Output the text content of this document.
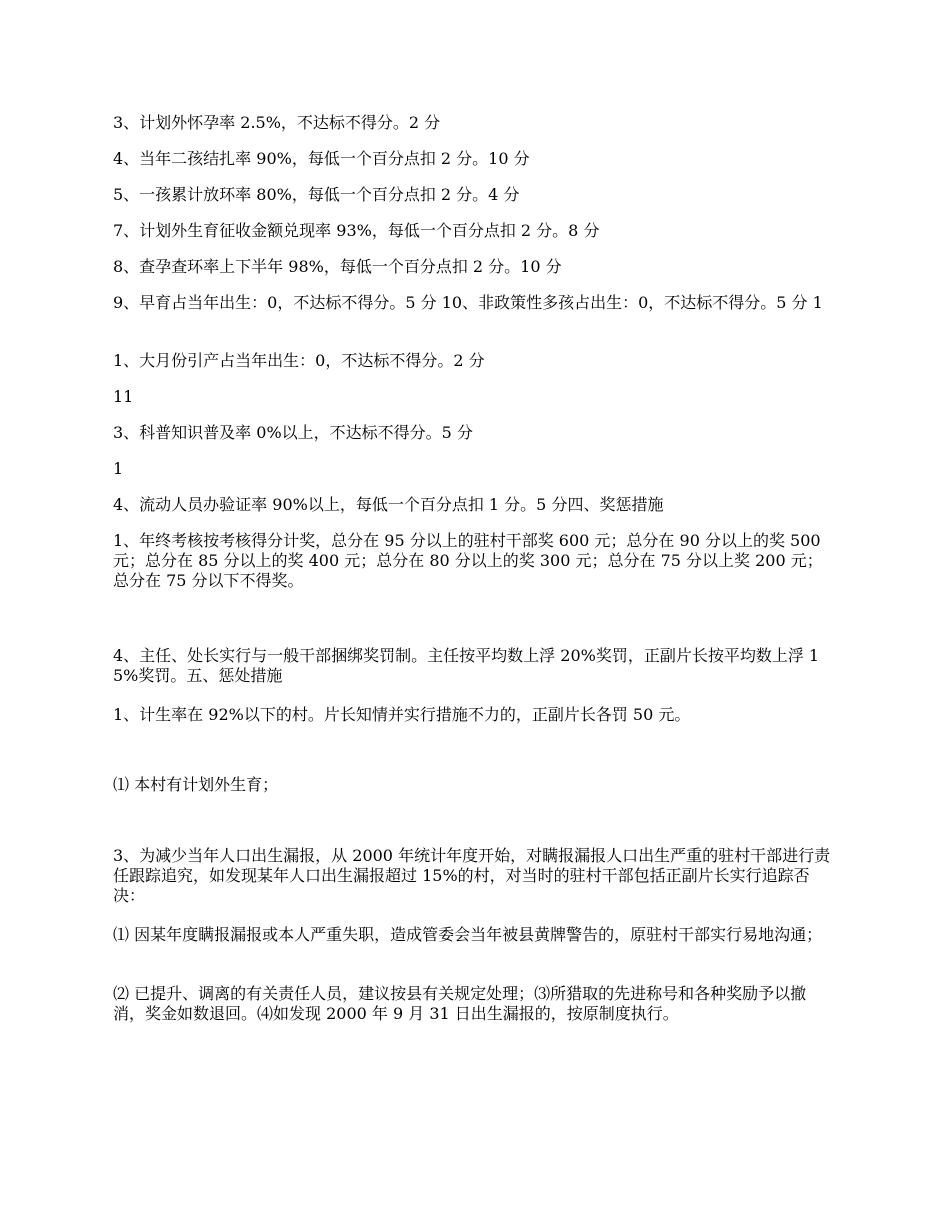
3、计划外怀孕率 2.5%，不达标不得分。2 分
4、当年二孩结扎率 90%，每低一个百分点扣 2 分。10 分
5、一孩累计放环率 80%，每低一个百分点扣 2 分。4 分
7、计划外生育征收金额兑现率 93%，每低一个百分点扣 2 分。8 分
8、查孕查环率上下半年 98%，每低一个百分点扣 2 分。10 分
9、早育占当年出生：0，不达标不得分。5 分 10、非政策性多孩占出生：0，不达标不得分。5 分 1
1、大月份引产占当年出生：0，不达标不得分。2 分
11
3、科普知识普及率 0%以上，不达标不得分。5 分
1
4、流动人员办验证率 90%以上，每低一个百分点扣 1 分。5 分四、奖惩措施
1、年终考核按考核得分计奖，总分在 95 分以上的驻村干部奖 600 元；总分在 90 分以上的奖 500 元；总分在 85 分以上的奖 400 元；总分在 80 分以上的奖 300 元；总分在 75 分以上奖 200 元；总分在 75 分以下不得奖。
4、主任、处长实行与一般干部捆绑奖罚制。主任按平均数上浮 20%奖罚，正副片长按平均数上浮 15%奖罚。五、惩处措施
1、计生率在 92%以下的村。片长知情并实行措施不力的，正副片长各罚 50 元。
⑴ 本村有计划外生育；
3、为减少当年人口出生漏报，从 2000 年统计年度开始，对瞒报漏报人口出生严重的驻村干部进行责任跟踪追究，如发现某年人口出生漏报超过 15%的村，对当时的驻村干部包括正副片长实行追踪否决：
⑴ 因某年度瞒报漏报或本人严重失职，造成管委会当年被县黄牌警告的，原驻村干部实行易地沟通；
⑵ 已提升、调离的有关责任人员，建议按县有关规定处理；⑶所猎取的先进称号和各种奖励予以撤消，奖金如数退回。⑷如发现 2000 年 9 月 31 日出生漏报的，按原制度执行。
